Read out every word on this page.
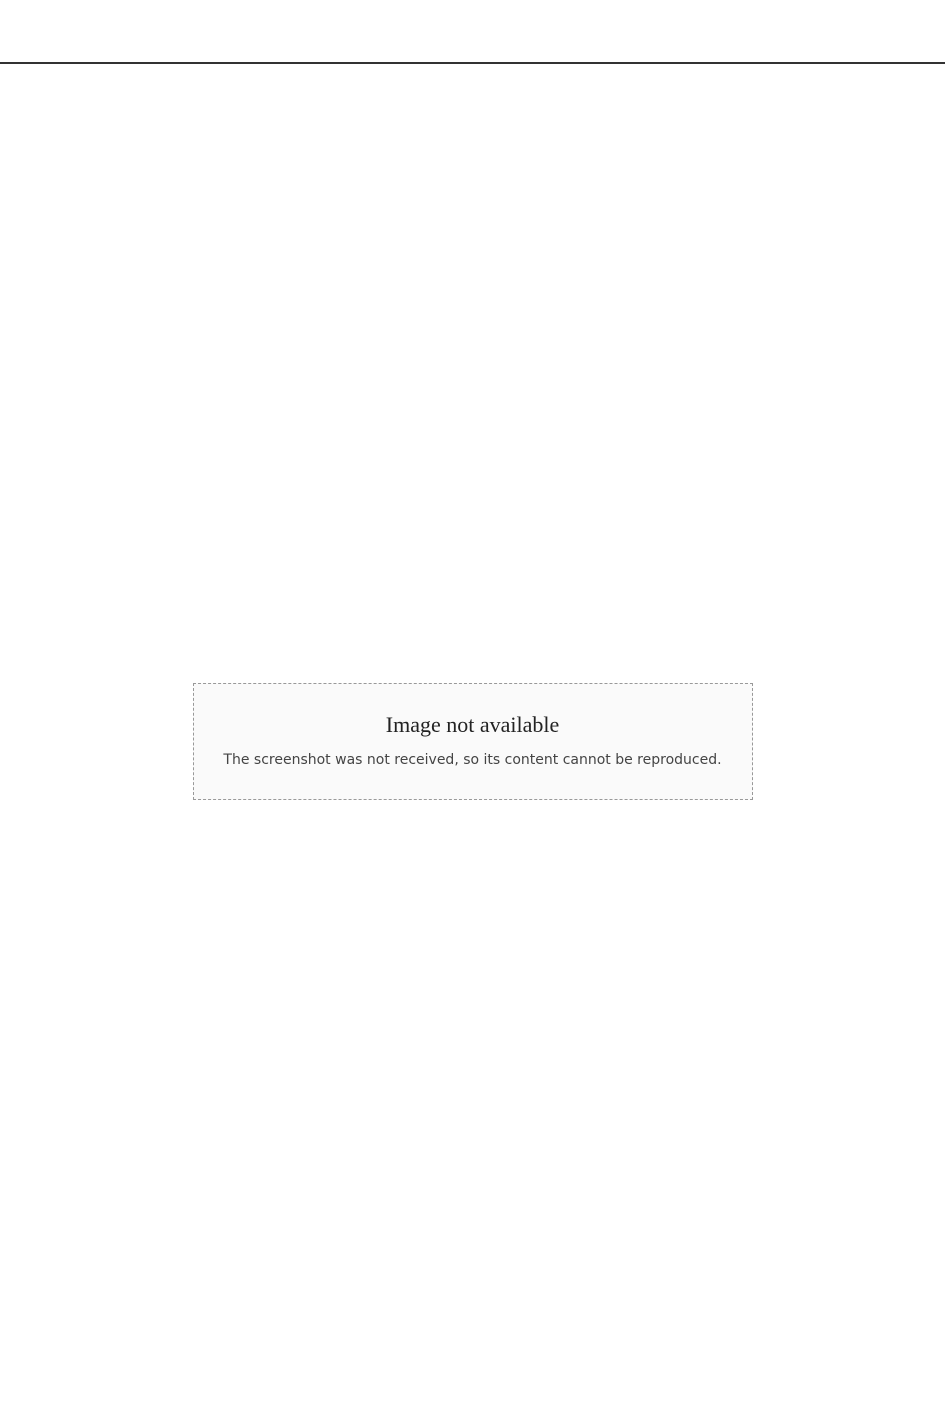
Image not available
The screenshot was not received, so its content cannot be reproduced.
